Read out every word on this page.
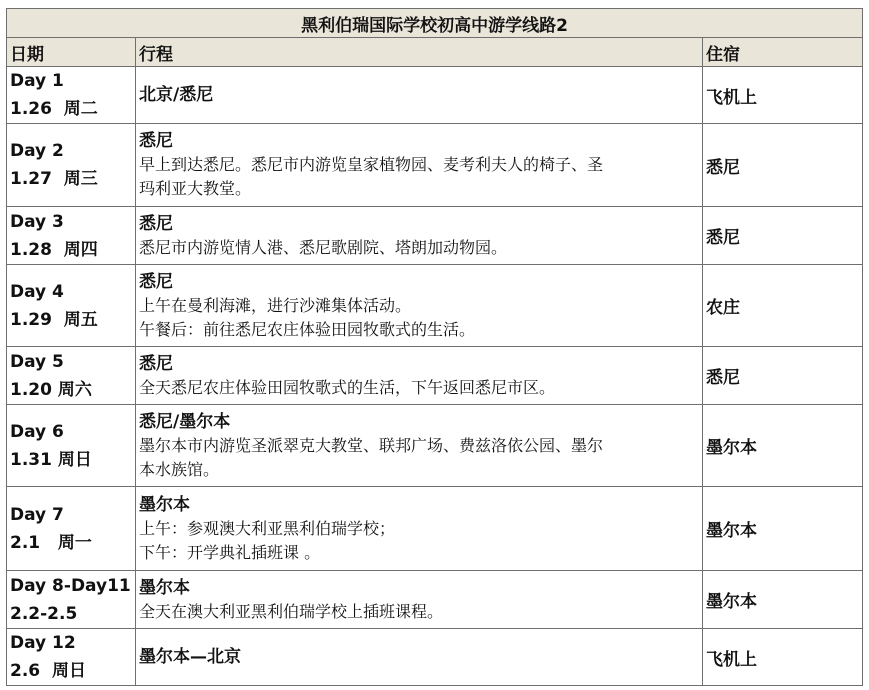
黑利伯瑞国际学校初高中游学线路2		
日期	行程	住宿

Day 1
1.26  周二	北京/悉尼	飞机上

Day 2
1.27  周三	悉尼
早上到达悉尼。悉尼市内游览皇家植物园、麦考利夫人的椅子、圣
玛利亚大教堂。	悉尼

Day 3
1.28  周四	悉尼
悉尼市内游览情人港、悉尼歌剧院、塔朗加动物园。	悉尼

Day 4
1.29  周五	悉尼
上午在曼利海滩，进行沙滩集体活动。
午餐后：前往悉尼农庄体验田园牧歌式的生活。	农庄

Day 5
1.20 周六	悉尼
全天悉尼农庄体验田园牧歌式的生活，下午返回悉尼市区。	悉尼

Day 6
1.31 周日	悉尼/墨尔本
墨尔本市内游览圣派翠克大教堂、联邦广场、费兹洛依公园、墨尔
本水族馆。	墨尔本

Day 7
2.1   周一	墨尔本
上午：参观澳大利亚黑利伯瑞学校；
下午：开学典礼插班课 。	墨尔本

Day 8-Day11
2.2-2.5	墨尔本
全天在澳大利亚黑利伯瑞学校上插班课程。	墨尔本

Day 12
2.6  周日	墨尔本—北京	飞机上
